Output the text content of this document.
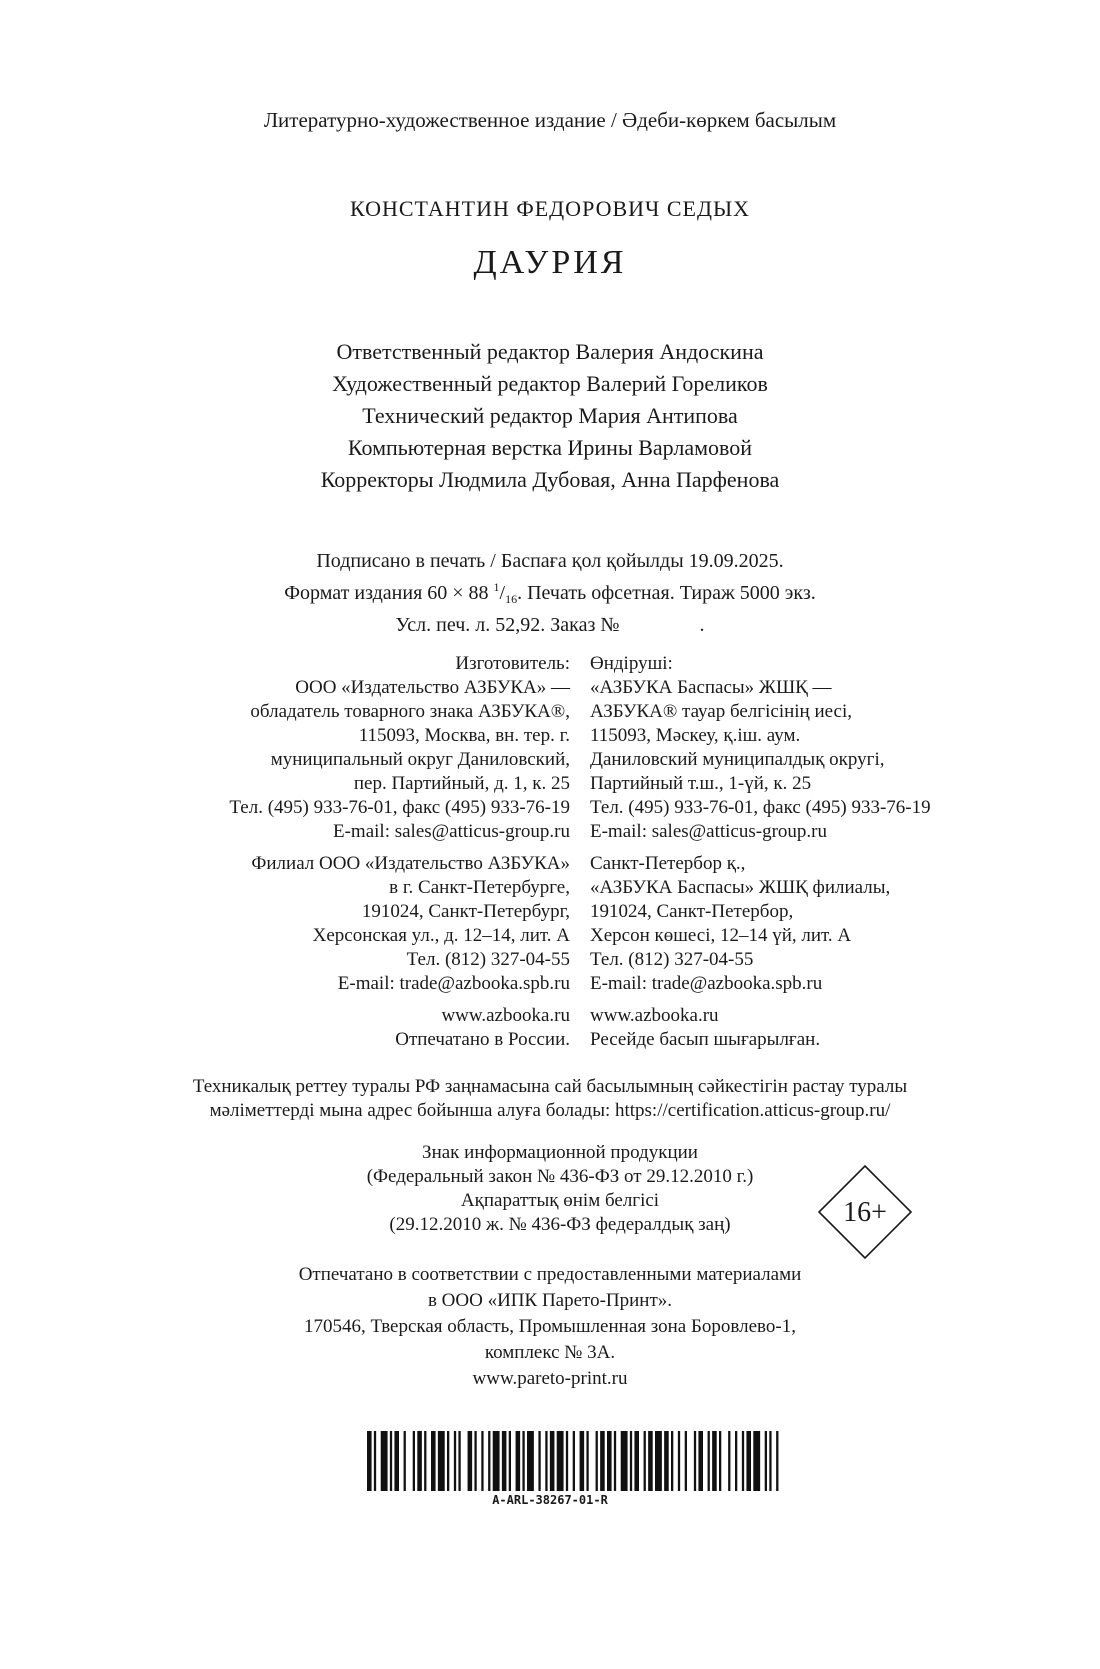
Литературно-художественное издание / Әдеби-көркем басылым
КОНСТАНТИН ФЕДОРОВИЧ СЕДЫХ
ДАУРИЯ
Ответственный редактор Валерия Андоскина
Художественный редактор Валерий Гореликов
Технический редактор Мария Антипова
Компьютерная верстка Ирины Варламовой
Корректоры Людмила Дубовая, Анна Парфенова
Подписано в печать / Баспаға қол қойылды 19.09.2025.
Формат издания 60 × 88 $^1/_{16}$. Печать офсетная. Тираж 5000 экз.
Усл. печ. л. 52,92. Заказ №                .
Изготовитель:
ООО «Издательство АЗБУКА» —
обладатель товарного знака АЗБУКА®,
115093, Москва, вн. тер. г.
муниципальный округ Даниловский,
пер. Партийный, д. 1, к. 25
Тел. (495) 933-76-01, факс (495) 933-76-19
E-mail: sales@atticus-group.ru
Филиал ООО «Издательство АЗБУКА»
в г. Санкт-Петербурге,
191024, Санкт-Петербург,
Херсонская ул., д. 12–14, лит. А
Тел. (812) 327-04-55
E-mail: trade@azbooka.spb.ru
www.azbooka.ru
Отпечатано в России.
Өндіруші:
«АЗБУКА Баспасы» ЖШҚ —
АЗБУКА® тауар белгісінің иесі,
115093, Мәскеу, қ.іш. аум.
Даниловский муниципалдық округі,
Партийный т.ш., 1-үй, к. 25
Тел. (495) 933-76-01, факс (495) 933-76-19
E-mail: sales@atticus-group.ru
Санкт-Петербор қ.,
«АЗБУКА Баспасы» ЖШҚ филиалы,
191024, Санкт-Петербор,
Херсон көшесі, 12–14 үй, лит. А
Тел. (812) 327-04-55
E-mail: trade@azbooka.spb.ru
www.azbooka.ru
Ресейде басып шығарылған.
Техникалық реттеу туралы РФ заңнамасына сай басылымның сәйкестігін растау туралы
мәліметтерді мына адрес бойынша алуға болады: https://certification.atticus-group.ru/
Знак информационной продукции
(Федеральный закон № 436-ФЗ от 29.12.2010 г.)
Ақпараттық өнім белгісі
(29.12.2010 ж. № 436-ФЗ федералдық заң)	16+
Отпечатано в соответствии с предоставленными материалами
в ООО «ИПК Парето-Принт».
170546, Тверская область, Промышленная зона Боровлево-1,
комплекс № 3А.
www.pareto-print.ru
A-ARL-38267-01-R
